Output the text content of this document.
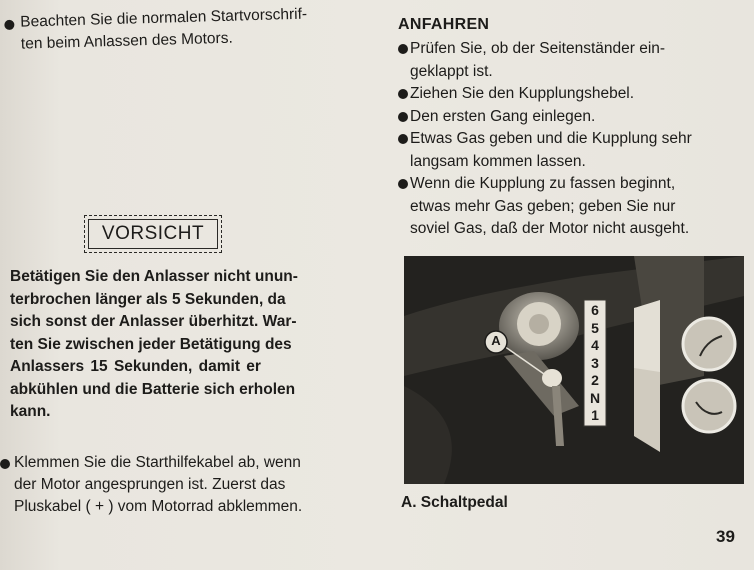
Beachten Sie die normalen Startvorschrif-
ten beim Anlassen des Motors.

VORSICHT
Betätigen Sie den Anlasser nicht unun-
terbrochen länger als 5 Sekunden, da
sich sonst der Anlasser überhitzt. War-
ten Sie zwischen jeder Betätigung des
Anlassers 15 Sekunden, damit er
abkühlen und die Batterie sich erholen
kann.

Klemmen Sie die Starthilfekabel ab, wenn
der Motor angesprungen ist. Zuerst das
Pluskabel ( + ) vom Motorrad abklemmen.

ANFAHREN

Prüfen Sie, ob der Seitenständer ein-
geklappt ist.

Ziehen Sie den Kupplungshebel.

Den ersten Gang einlegen.

Etwas Gas geben und die Kupplung sehr
langsam kommen lassen.

Wenn die Kupplung zu fassen beginnt,
etwas mehr Gas geben; geben Sie nur
soviel Gas, daß der Motor nicht ausgeht.

A
6
5
4
3
2
N
1
A. Schaltpedal
39
